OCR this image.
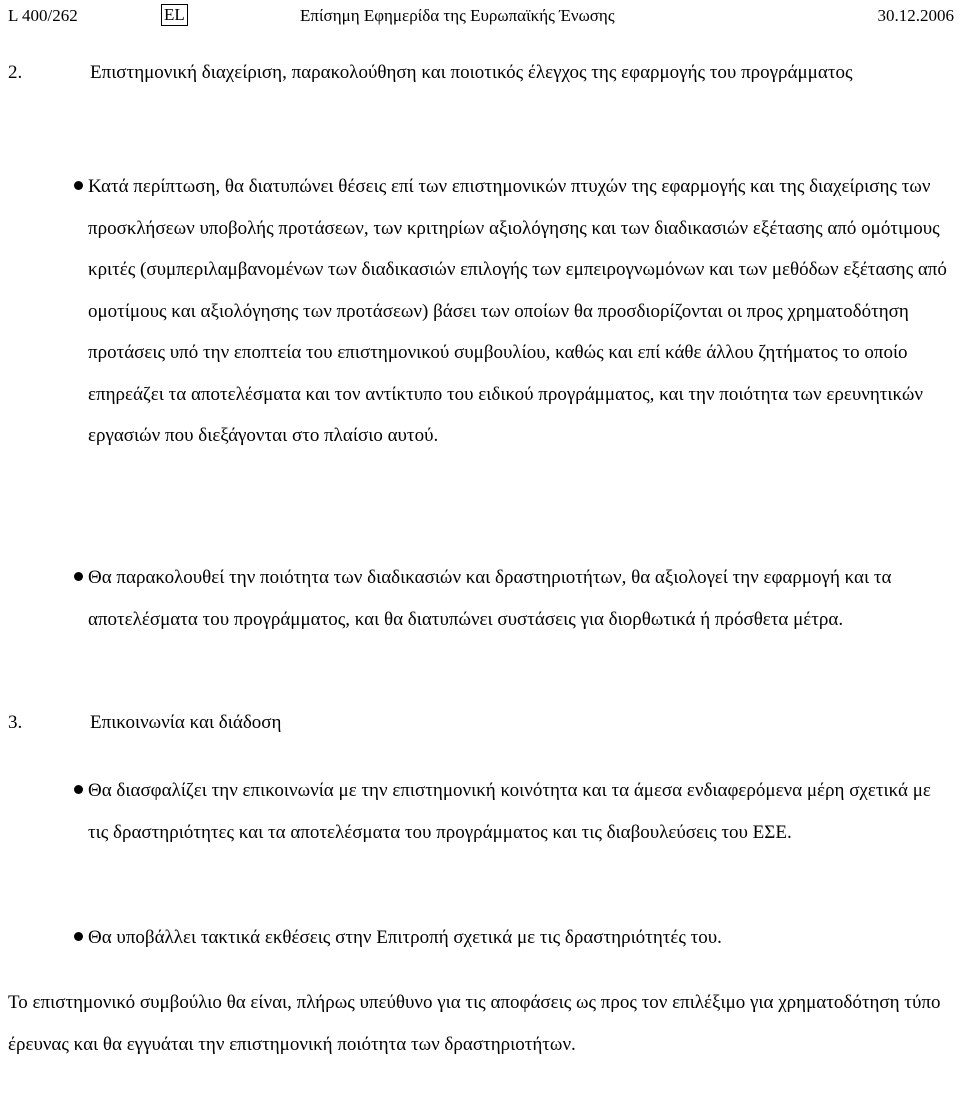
L 400/262	EL	Επίσημη Εφημερίδα της Ευρωπαϊκής Ένωσης	30.12.2006
2.	Επιστημονική διαχείριση, παρακολούθηση και ποιοτικός έλεγχος της εφαρμογής του προγράμματος
Κατά περίπτωση, θα διατυπώνει θέσεις επί των επιστημονικών πτυχών της εφαρμογής και της διαχείρισης των προσκλήσεων υποβολής προτάσεων, των κριτηρίων αξιολόγησης και των διαδικασιών εξέτασης από ομότιμους κριτές (συμπεριλαμβανομένων των διαδικασιών επιλογής των εμπειρογνωμόνων και των μεθόδων εξέτασης από ομοτίμους και αξιολόγησης των προτάσεων) βάσει των οποίων θα προσδιορίζονται οι προς χρηματοδότηση προτάσεις υπό την εποπτεία του επιστημονικού συμβουλίου, καθώς και επί κάθε άλλου ζητήματος το οποίο επηρεάζει τα αποτελέσματα και τον αντίκτυπο του ειδικού προγράμματος, και την ποιότητα των ερευνητικών εργασιών που διεξάγονται στο πλαίσιο αυτού.
Θα παρακολουθεί την ποιότητα των διαδικασιών και δραστηριοτήτων, θα αξιολογεί την εφαρμογή και τα αποτελέσματα του προγράμματος, και θα διατυπώνει συστάσεις για διορθωτικά ή πρόσθετα μέτρα.
3.	Επικοινωνία και διάδοση
Θα διασφαλίζει την επικοινωνία με την επιστημονική κοινότητα και τα άμεσα ενδιαφερόμενα μέρη σχετικά με τις δραστηριότητες και τα αποτελέσματα του προγράμματος και τις διαβουλεύσεις του ΕΣΕ.
Θα υποβάλλει τακτικά εκθέσεις στην Επιτροπή σχετικά με τις δραστηριότητές του.
Το επιστημονικό συμβούλιο θα είναι, πλήρως υπεύθυνο για τις αποφάσεις ως προς τον επιλέξιμο για χρηματοδότηση τύπο έρευνας και θα εγγυάται την επιστημονική ποιότητα των δραστηριοτήτων.
